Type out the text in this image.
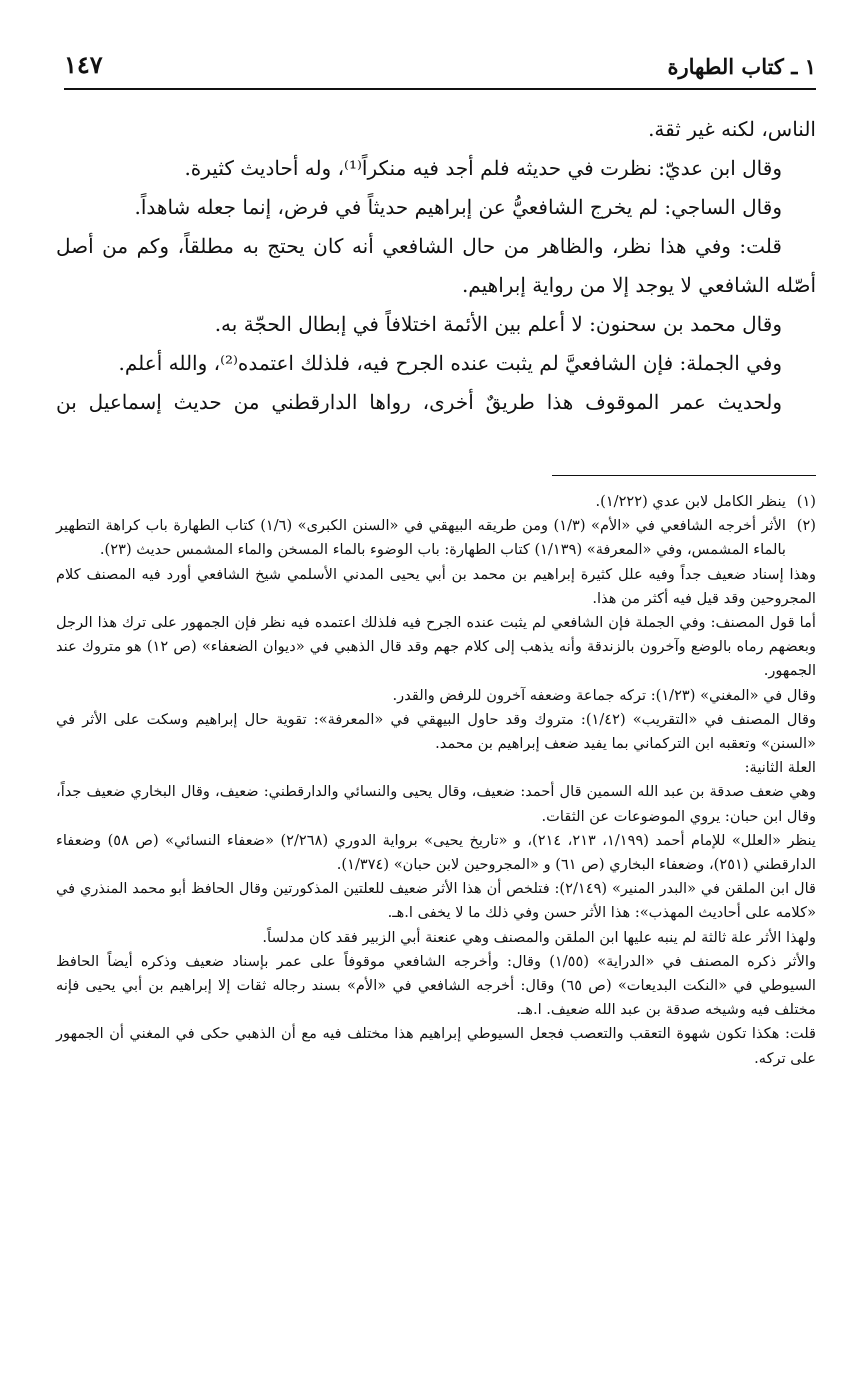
١ ـ كتاب الطهارة
١٤٧

الناس، لكنه غير ثقة.

وقال ابن عديّ: نظرت في حديثه فلم أجد فيه منكراً⁽¹⁾، وله أحاديث كثيرة.

وقال الساجي: لم يخرج الشافعيُّ عن إبراهيم حديثاً في فرض، إنما جعله شاهداً.

قلت: وفي هذا نظر، والظاهر من حال الشافعي أنه كان يحتج به مطلقاً، وكم من أصل أصّله الشافعي لا يوجد إلا من رواية إبراهيم.

وقال محمد بن سحنون: لا أعلم بين الأئمة اختلافاً في إبطال الحجّة به.

وفي الجملة: فإن الشافعيَّ لم يثبت عنده الجرح فيه، فلذلك اعتمده⁽²⁾، والله أعلم.

ولحديث عمر الموقوف هذا طريقٌ أخرى، رواها الدارقطني من حديث إسماعيل بن

(١)ينظر الكامل لابن عدي (١/٢٢٢).

(٢)الأثر أخرجه الشافعي في «الأم» (١/٣) ومن طريقه البيهقي في «السنن الكبرى» (١/٦) كتاب الطهارة باب كراهة التطهير بالماء المشمس، وفي «المعرفة» (١/١٣٩) كتاب الطهارة: باب الوضوء بالماء المسخن والماء المشمس حديث (٢٣).

وهذا إسناد ضعيف جداً وفيه علل كثيرة إبراهيم بن محمد بن أبي يحيى المدني الأسلمي شيخ الشافعي أورد فيه المصنف كلام المجروحين وقد قيل فيه أكثر من هذا.

أما قول المصنف: وفي الجملة فإن الشافعي لم يثبت عنده الجرح فيه فلذلك اعتمده فيه نظر فإن الجمهور على ترك هذا الرجل وبعضهم رماه بالوضع وآخرون بالزندقة وأنه يذهب إلى كلام جهم وقد قال الذهبي في «ديوان الضعفاء» (ص ١٢) هو متروك عند الجمهور.

وقال في «المغني» (١/٢٣): تركه جماعة وضعفه آخرون للرفض والقدر.

وقال المصنف في «التقريب» (١/٤٢): متروك وقد حاول البيهقي في «المعرفة»: تقوية حال إبراهيم وسكت على الأثر في «السنن» وتعقبه ابن التركماني بما يفيد ضعف إبراهيم بن محمد.

العلة الثانية:

وهي ضعف صدقة بن عبد الله السمين قال أحمد: ضعيف، وقال يحيى والنسائي والدارقطني: ضعيف، وقال البخاري ضعيف جداً، وقال ابن حبان: يروي الموضوعات عن الثقات.

ينظر «العلل» للإمام أحمد (١/١٩٩، ٢١٣، ٢١٤)، و «تاريخ يحيى» برواية الدوري (٢/٢٦٨) «ضعفاء النسائي» (ص ٥٨) وضعفاء الدارقطني (٢٥١)، وضعفاء البخاري (ص ٦١) و «المجروحين لابن حبان» (١/٣٧٤).

قال ابن الملقن في «البدر المنير» (٢/١٤٩): فتلخص أن هذا الأثر ضعيف للعلتين المذكورتين وقال الحافظ أبو محمد المنذري في «كلامه على أحاديث المهذب»: هذا الأثر حسن وفي ذلك ما لا يخفى ا.هـ.

ولهذا الأثر علة ثالثة لم ينبه عليها ابن الملقن والمصنف وهي عنعنة أبي الزبير فقد كان مدلساً.

والأثر ذكره المصنف في «الدراية» (١/٥٥) وقال: وأخرجه الشافعي موقوفاً على عمر بإسناد ضعيف وذكره أيضاً الحافظ السيوطي في «النكت البديعات» (ص ٦٥) وقال: أخرجه الشافعي في «الأم» بسند رجاله ثقات إلا إبراهيم بن أبي يحيى فإنه مختلف فيه وشيخه صدقة بن عبد الله ضعيف. ا.هـ.

قلت: هكذا تكون شهوة التعقب والتعصب فجعل السيوطي إبراهيم هذا مختلف فيه مع أن الذهبي حكى في المغني أن الجمهور على تركه.
